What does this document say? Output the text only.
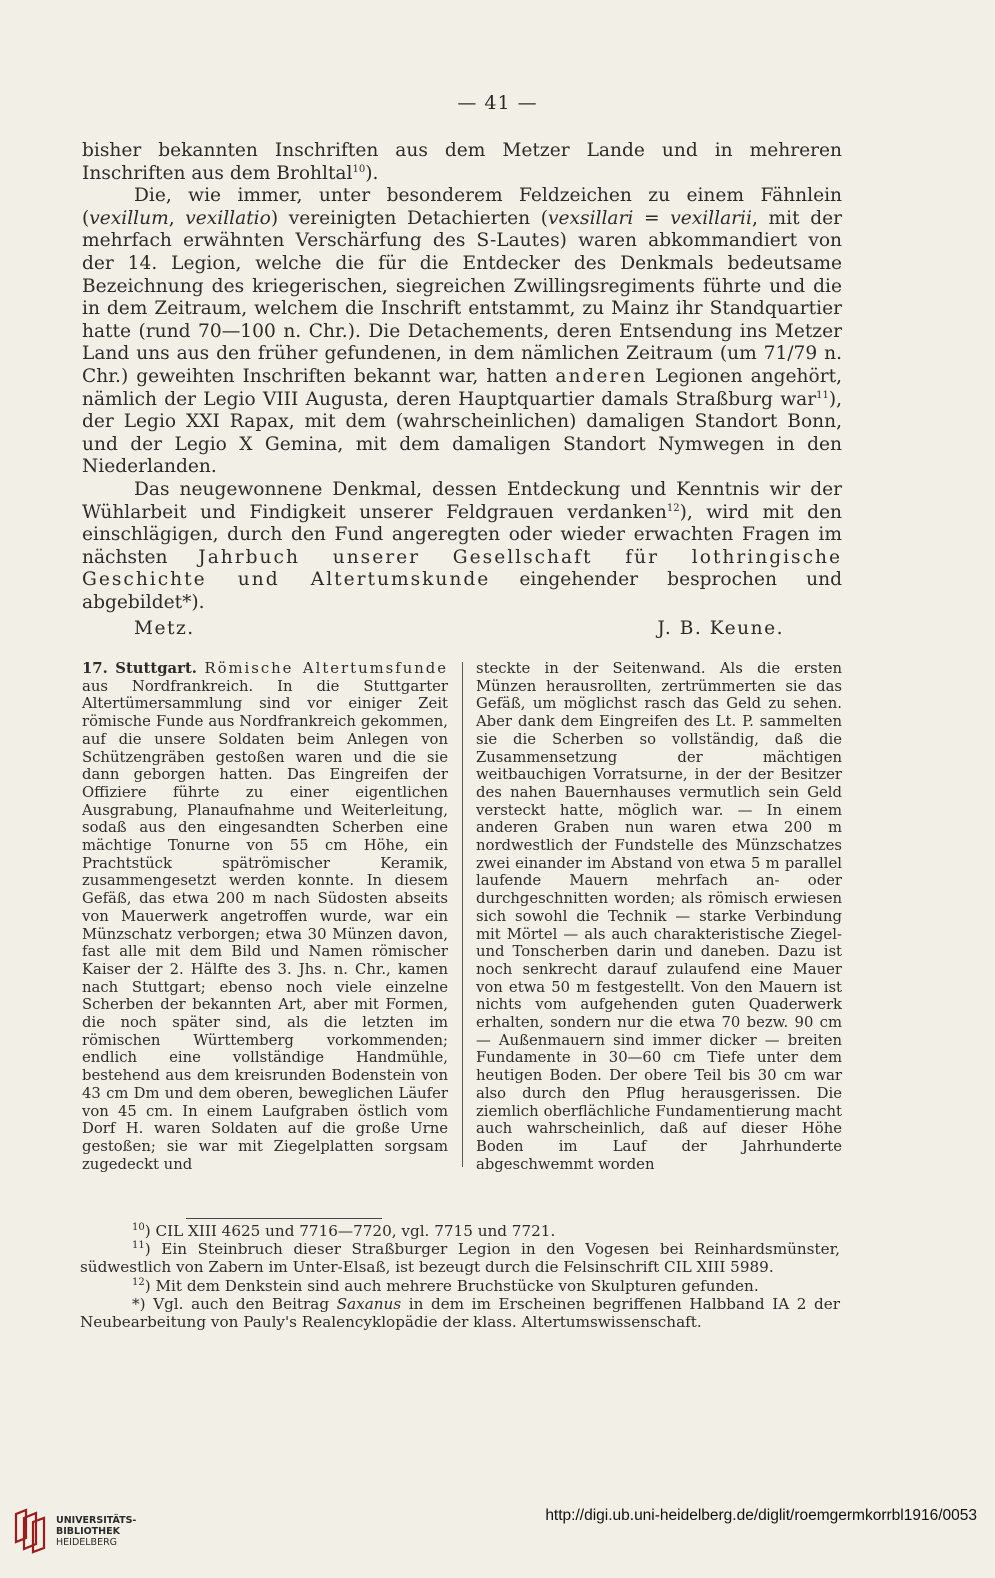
— 41 —

bisher bekannten Inschriften aus dem Metzer Lande und in mehreren Inschriften aus dem Brohltal$^{10}$).

Die, wie immer, unter besonderem Feldzeichen zu einem Fähnlein (vexillum, vexillatio) vereinigten Detachierten (vexsillari = vexillarii, mit der mehrfach erwähnten Verschärfung des S-Lautes) waren abkommandiert von der 14. Legion, welche die für die Entdecker des Denkmals bedeutsame Bezeichnung des kriegerischen, siegreichen Zwillingsregiments führte und die in dem Zeitraum, welchem die Inschrift entstammt, zu Mainz ihr Standquartier hatte (rund 70—100 n. Chr.). Die Detachements, deren Entsendung ins Metzer Land uns aus den früher gefundenen, in dem nämlichen Zeitraum (um 71/79 n. Chr.) geweihten Inschriften bekannt war, hatten anderen Legionen angehört, nämlich der Legio VIII Augusta, deren Hauptquartier damals Straßburg war$^{11}$), der Legio XXI Rapax, mit dem (wahrscheinlichen) damaligen Standort Bonn, und der Legio X Gemina, mit dem damaligen Standort Nymwegen in den Niederlanden.

Das neugewonnene Denkmal, dessen Entdeckung und Kenntnis wir der Wühlarbeit und Findigkeit unserer Feldgrauen verdanken$^{12}$), wird mit den einschlägigen, durch den Fund angeregten oder wieder erwachten Fragen im nächsten Jahrbuch unserer Gesellschaft für lothringische Geschichte und Altertumskunde eingehender besprochen und abgebildet*).

Metz.	J. B. Keune.

17. Stuttgart. Römische Altertumsfunde aus Nordfrankreich. In die Stuttgarter Altertümersammlung sind vor einiger Zeit römische Funde aus Nordfrankreich gekommen, auf die unsere Soldaten beim Anlegen von Schützengräben gestoßen waren und die sie dann geborgen hatten. Das Eingreifen der Offiziere führte zu einer eigentlichen Ausgrabung, Planaufnahme und Weiterleitung, sodaß aus den eingesandten Scherben eine mächtige Tonurne von 55 cm Höhe, ein Prachtstück spätrömischer Keramik, zusammengesetzt werden konnte. In diesem Gefäß, das etwa 200 m nach Südosten abseits von Mauerwerk angetroffen wurde, war ein Münzschatz verborgen; etwa 30 Münzen davon, fast alle mit dem Bild und Namen römischer Kaiser der 2. Hälfte des 3. Jhs. n. Chr., kamen nach Stuttgart; ebenso noch viele einzelne Scherben der bekannten Art, aber mit Formen, die noch später sind, als die letzten im römischen Württemberg vorkommenden; endlich eine vollständige Handmühle, bestehend aus dem kreisrunden Bodenstein von 43 cm Dm und dem oberen, beweglichen Läufer von 45 cm. In einem Laufgraben östlich vom Dorf H. waren Soldaten auf die große Urne gestoßen; sie war mit Ziegelplatten sorgsam zugedeckt und

steckte in der Seitenwand. Als die ersten Münzen herausrollten, zertrümmerten sie das Gefäß, um möglichst rasch das Geld zu sehen. Aber dank dem Eingreifen des Lt. P. sammelten sie die Scherben so vollständig, daß die Zusammensetzung der mächtigen weitbauchigen Vorratsurne, in der der Besitzer des nahen Bauernhauses vermutlich sein Geld versteckt hatte, möglich war. — In einem anderen Graben nun waren etwa 200 m nordwestlich der Fundstelle des Münzschatzes zwei einander im Abstand von etwa 5 m parallel laufende Mauern mehrfach an- oder durchgeschnitten worden; als römisch erwiesen sich sowohl die Technik — starke Verbindung mit Mörtel — als auch charakteristische Ziegel- und Tonscherben darin und daneben. Dazu ist noch senkrecht darauf zulaufend eine Mauer von etwa 50 m festgestellt. Von den Mauern ist nichts vom aufgehenden guten Quaderwerk erhalten, sondern nur die etwa 70 bezw. 90 cm — Außenmauern sind immer dicker — breiten Fundamente in 30—60 cm Tiefe unter dem heutigen Boden. Der obere Teil bis 30 cm war also durch den Pflug herausgerissen. Die ziemlich oberflächliche Fundamentierung macht auch wahrscheinlich, daß auf dieser Höhe Boden im Lauf der Jahrhunderte abgeschwemmt worden

$^{10}$) CIL XIII 4625 und 7716—7720, vgl. 7715 und 7721.

$^{11}$) Ein Steinbruch dieser Straßburger Legion in den Vogesen bei Reinhardsmünster, südwestlich von Zabern im Unter-Elsaß, ist bezeugt durch die Felsinschrift CIL XIII 5989.

$^{12}$) Mit dem Denkstein sind auch mehrere Bruchstücke von Skulpturen gefunden.

*) Vgl. auch den Beitrag Saxanus in dem im Erscheinen begriffenen Halbband IA 2 der Neubearbeitung von Pauly's Realencyklopädie der klass. Altertumswissenschaft.

UNIVERSITÄTS-
BIBLIOTHEK
HEIDELBERG
http://digi.ub.uni-heidelberg.de/diglit/roemgermkorrbl1916/0053
